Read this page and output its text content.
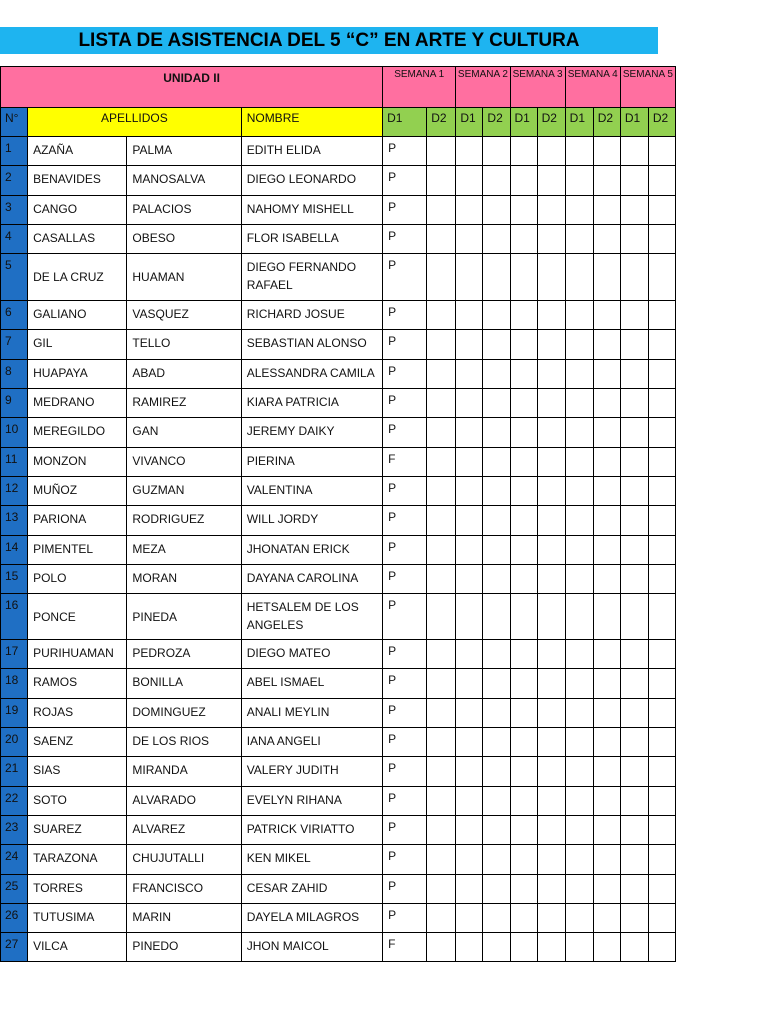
LISTA DE ASISTENCIA DEL 5 “C” EN ARTE Y CULTURA
UNIDAD II				SEMANA 1		SEMANA 2		SEMANA 3		SEMANA 4		SEMANA 5	
N°	APELLIDOS		NOMBRE	D1	D2	D1	D2	D1	D2	D1	D2	D1	D2
1	AZAÑA	PALMA	EDITH ELIDA	P									
2	BENAVIDES	MANOSALVA	DIEGO LEONARDO	P									
3	CANGO	PALACIOS	NAHOMY MISHELL	P									
4	CASALLAS	OBESO	FLOR ISABELLA	P									
5	DE LA CRUZ	HUAMAN	DIEGO FERNANDO RAFAEL	P									
6	GALIANO	VASQUEZ	RICHARD JOSUE	P									
7	GIL	TELLO	SEBASTIAN ALONSO	P									
8	HUAPAYA	ABAD	ALESSANDRA CAMILA	P									
9	MEDRANO	RAMIREZ	KIARA PATRICIA	P									
10	MEREGILDO	GAN	JEREMY DAIKY	P									
11	MONZON	VIVANCO	PIERINA	F									
12	MUÑOZ	GUZMAN	VALENTINA	P									
13	PARIONA	RODRIGUEZ	WILL JORDY	P									
14	PIMENTEL	MEZA	JHONATAN ERICK	P									
15	POLO	MORAN	DAYANA CAROLINA	P									
16	PONCE	PINEDA	HETSALEM DE LOS ANGELES	P									
17	PURIHUAMAN	PEDROZA	DIEGO MATEO	P									
18	RAMOS	BONILLA	ABEL ISMAEL	P									
19	ROJAS	DOMINGUEZ	ANALI MEYLIN	P									
20	SAENZ	DE LOS RIOS	IANA ANGELI	P									
21	SIAS	MIRANDA	VALERY JUDITH	P									
22	SOTO	ALVARADO	EVELYN RIHANA	P									
23	SUAREZ	ALVAREZ	PATRICK VIRIATTO	P									
24	TARAZONA	CHUJUTALLI	KEN MIKEL	P									
25	TORRES	FRANCISCO	CESAR ZAHID	P									
26	TUTUSIMA	MARIN	DAYELA MILAGROS	P									
27	VILCA	PINEDO	JHON MAICOL	F									
